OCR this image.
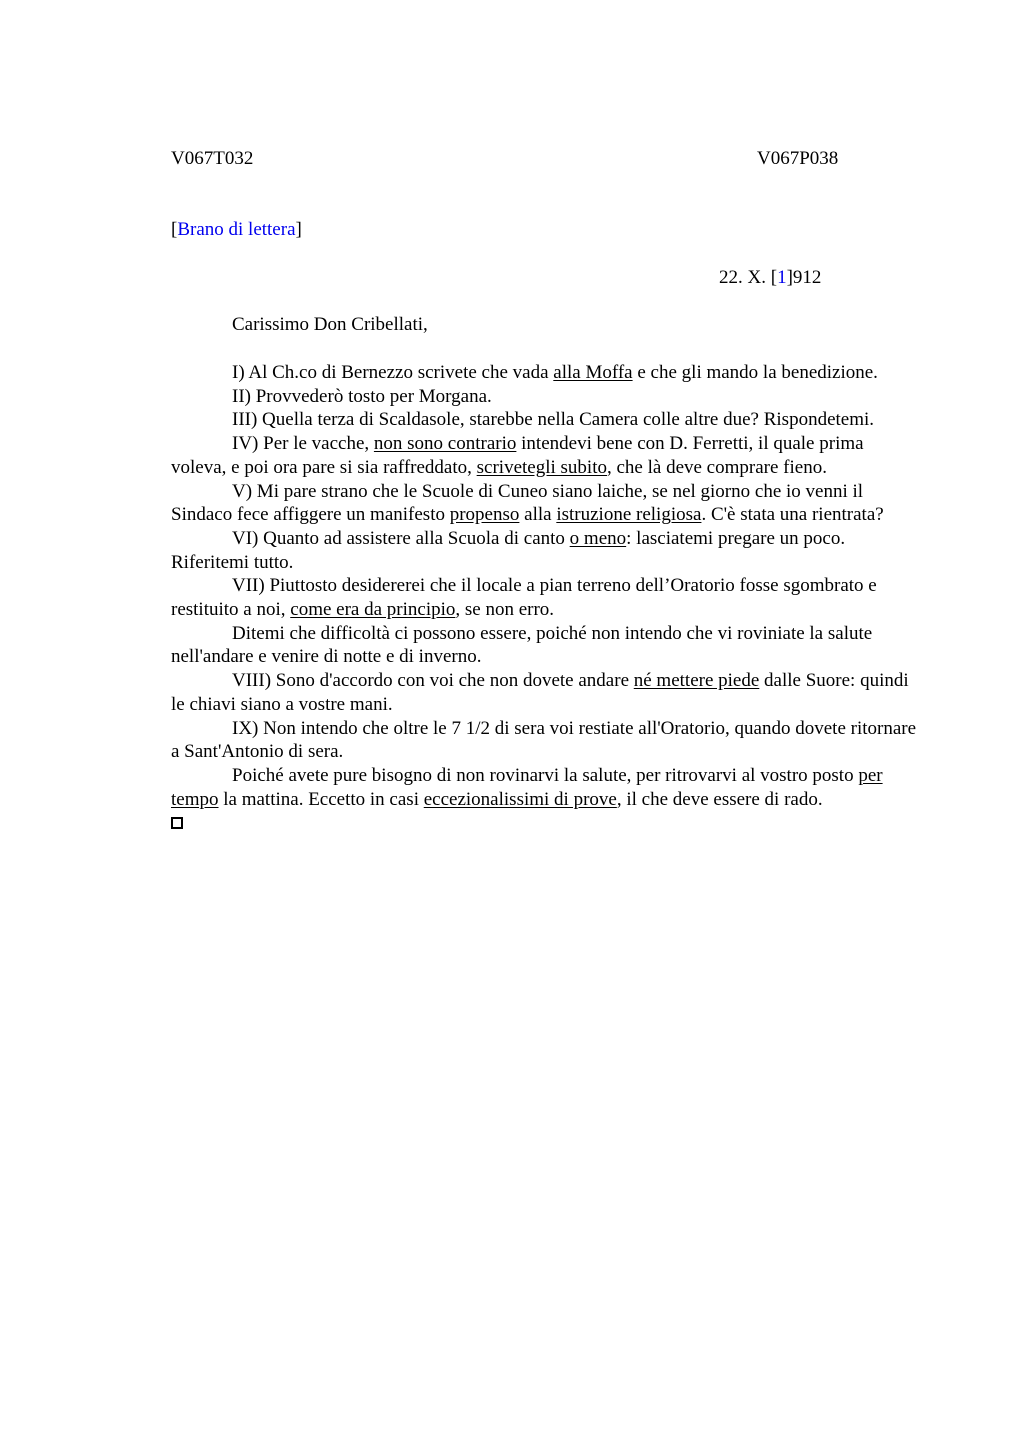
V067T032	V067P038
[Brano di lettera]
22. X. [1]912
Carissimo Don Cribellati,

I) Al Ch.co di Bernezzo scrivete che vada alla Moffa e che gli mando la benedizione.

II) Provvederò tosto per Morgana.

III) Quella terza di Scaldasole, starebbe nella Camera colle altre due? Rispondetemi.

IV) Per le vacche, non sono contrario intendevi bene con D. Ferretti, il quale prima voleva, e poi ora pare si sia raffreddato, scrivetegli subito, che là deve comprare fieno.

V) Mi pare strano che le Scuole di Cuneo siano laiche, se nel giorno che io venni il Sindaco fece affiggere un manifesto propenso alla istruzione religiosa. C'è stata una rientrata?

VI) Quanto ad assistere alla Scuola di canto o meno: lasciatemi pregare un poco. Riferitemi tutto.

VII) Piuttosto desidererei che il locale a pian terreno dell’Oratorio fosse sgombrato e restituito a noi, come era da principio, se non erro.

Ditemi che difficoltà ci possono essere, poiché non intendo che vi roviniate la salute nell'andare e venire di notte e di inverno.

VIII) Sono d'accordo con voi che non dovete andare né mettere piede dalle Suore: quindi le chiavi siano a vostre mani.

IX) Non intendo che oltre le 7 1/2 di sera voi restiate all'Oratorio, quando dovete ritornare a Sant'Antonio di sera.

Poiché avete pure bisogno di non rovinarvi la salute, per ritrovarvi al vostro posto per tempo la mattina. Eccetto in casi eccezionalissimi di prove, il che deve essere di rado.
